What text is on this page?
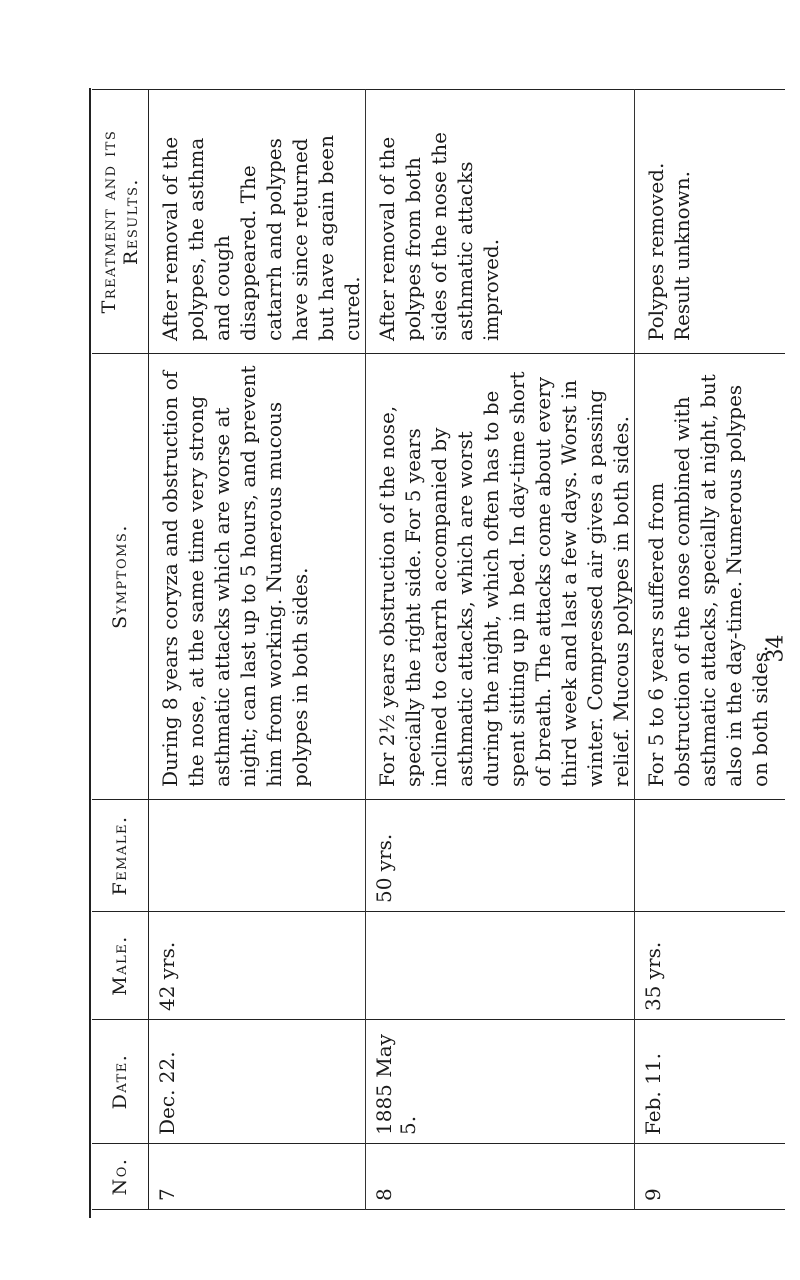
No.	Date.	Male.	Female.	Symptoms.	Treatment and its Results.

7	Dec. 22.	42 yrs.		During 8 years coryza and obstruction of the nose, at the same time very strong asthmatic attacks which are worse at night; can last up to 5 hours, and prevent him from working. Numerous mucous polypes in both sides.	After removal of the polypes, the asthma and cough disappeared. The catarrh and polypes have since returned but have again been cured.

8	1885 May 5.		50 yrs.	For 2½ years obstruction of the nose, specially the right side. For 5 years inclined to catarrh accompanied by asthmatic attacks, which are worst during the night, which often has to be spent sitting up in bed. In day-time short of breath. The attacks come about every third week and last a few days. Worst in winter. Compressed air gives a passing relief. Mucous polypes in both sides.	After removal of the polypes from both sides of the nose the asthmatic attacks improved.

9	Feb. 11.	35 yrs.		For 5 to 6 years suffered from obstruction of the nose combined with asthmatic attacks, specially at night, but also in the day-time. Numerous polypes on both sides.	Polypes removed. Result unknown.
34
